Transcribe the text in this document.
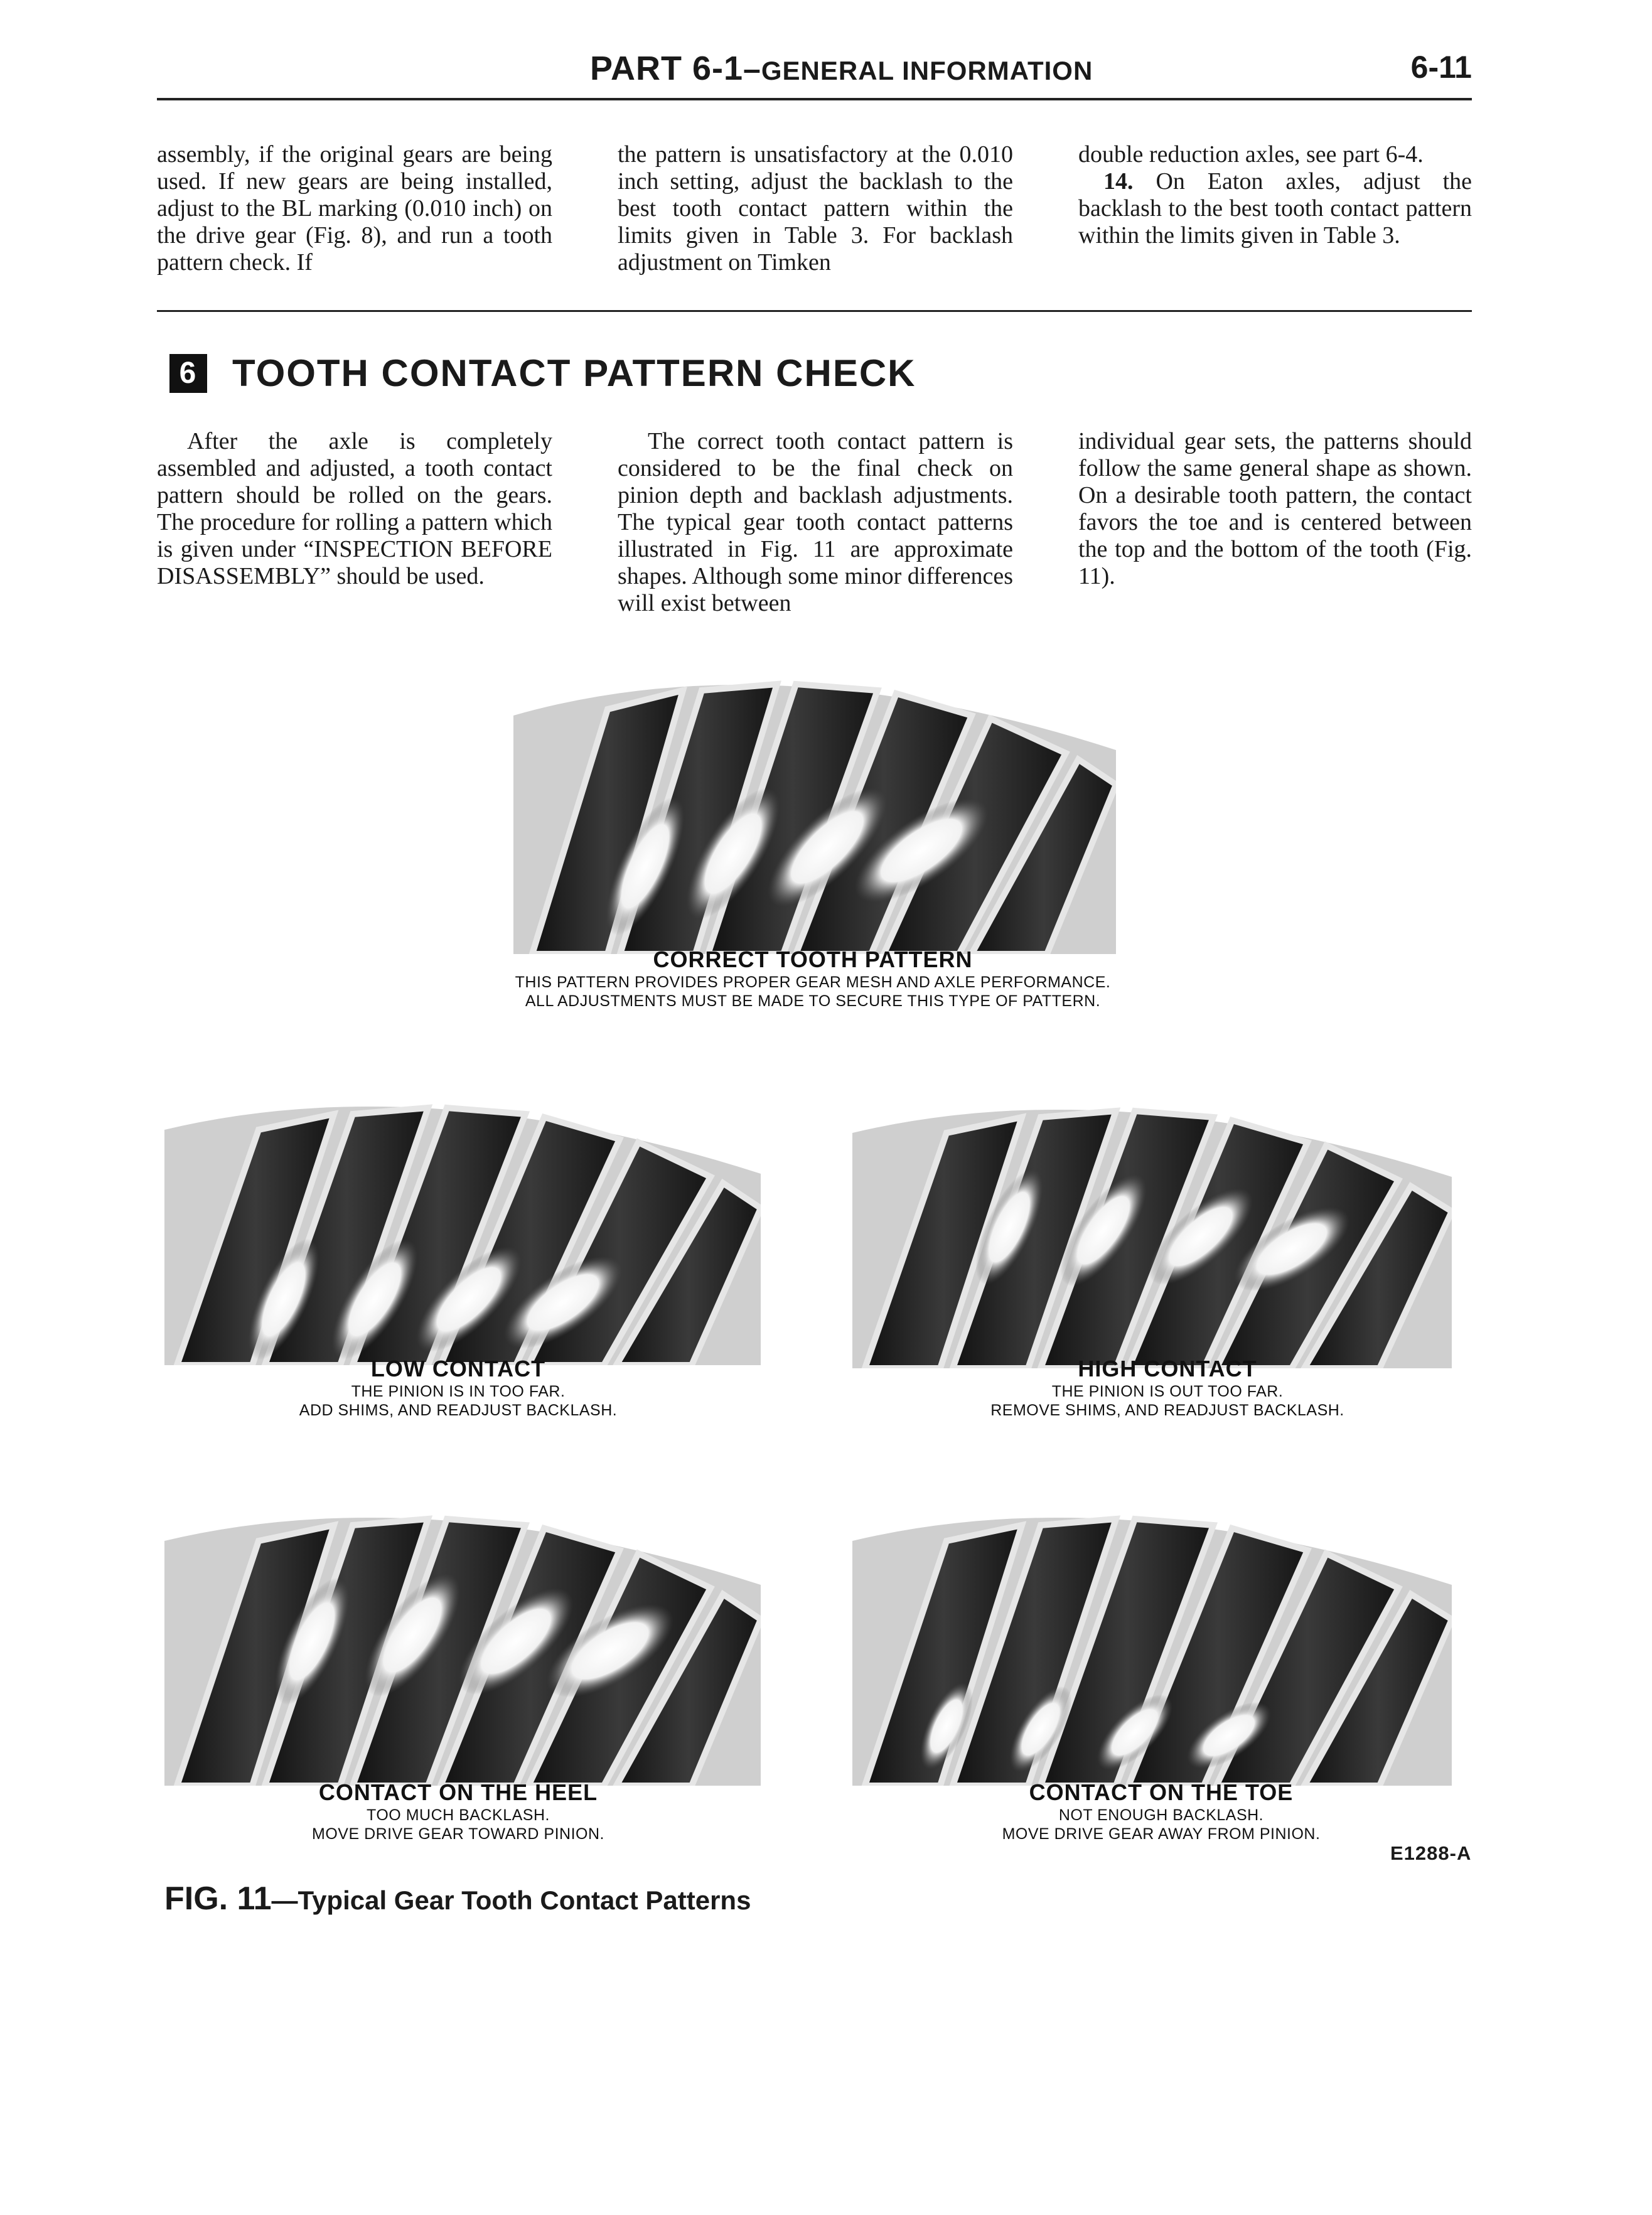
PART 6-1–GENERAL INFORMATION	6-11

assembly, if the original gears are being used. If new gears are being installed, adjust to the BL marking (0.010 inch) on the drive gear (Fig. 8), and run a tooth pattern check. If

the pattern is unsatisfactory at the 0.010 inch setting, adjust the backlash to the best tooth contact pattern within the limits given in Table 3. For backlash adjustment on Timken

double reduction axles, see part 6-4.

14. On Eaton axles, adjust the backlash to the best tooth contact pattern within the limits given in Table 3.

6 TOOTH CONTACT PATTERN CHECK

After the axle is completely assembled and adjusted, a tooth contact pattern should be rolled on the gears. The procedure for rolling a pattern which is given under “INSPECTION BEFORE DISASSEMBLY” should be used.

The correct tooth contact pattern is considered to be the final check on pinion depth and backlash adjustments. The typical gear tooth contact patterns illustrated in Fig. 11 are approximate shapes. Although some minor differences will exist between

individual gear sets, the patterns should follow the same general shape as shown. On a desirable tooth pattern, the contact favors the toe and is centered between the top and the bottom of the tooth (Fig. 11).

CORRECT TOOTH PATTERN
THIS PATTERN PROVIDES PROPER GEAR MESH AND AXLE PERFORMANCE.
ALL ADJUSTMENTS MUST BE MADE TO SECURE THIS TYPE OF PATTERN.
LOW CONTACT
THE PINION IS IN TOO FAR.
ADD SHIMS, AND READJUST BACKLASH.
HIGH CONTACT
THE PINION IS OUT TOO FAR.
REMOVE SHIMS, AND READJUST BACKLASH.
CONTACT ON THE HEEL
TOO MUCH BACKLASH.
MOVE DRIVE GEAR TOWARD PINION.
CONTACT ON THE TOE
NOT ENOUGH BACKLASH.
MOVE DRIVE GEAR AWAY FROM PINION.
E1288-A
FIG. 11—Typical Gear Tooth Contact Patterns
